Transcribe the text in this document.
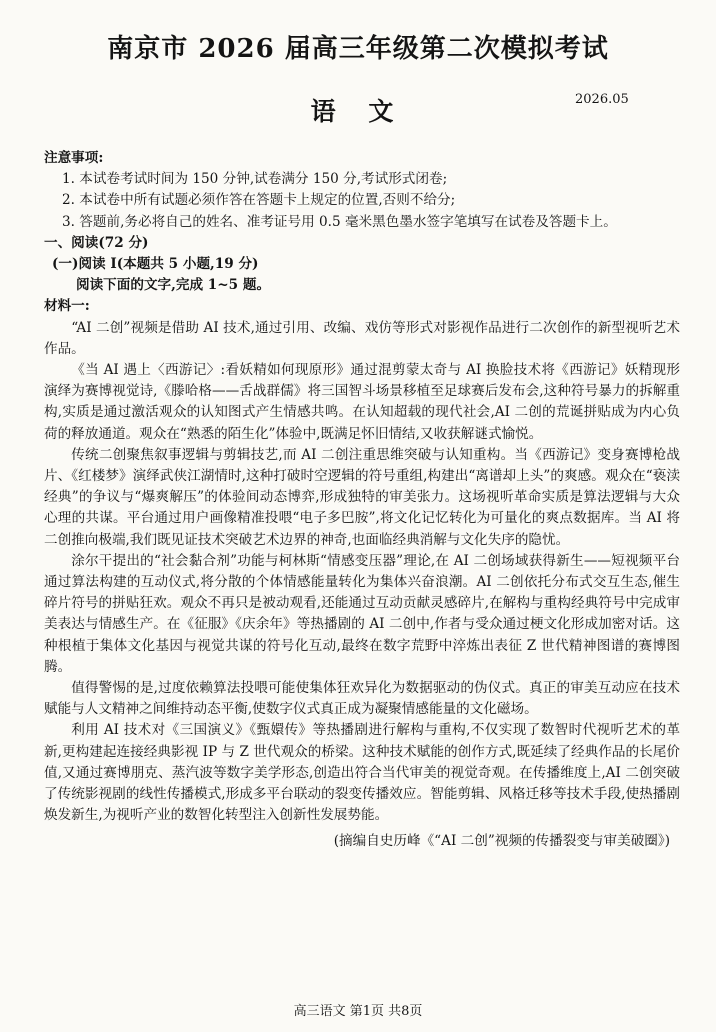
南京市 2026 届高三年级第二次模拟考试
语 文	2026.05

注意事项:

1. 本试卷考试时间为 150 分钟,试卷满分 150 分,考试形式闭卷;

2. 本试卷中所有试题必须作答在答题卡上规定的位置,否则不给分;

3. 答题前,务必将自己的姓名、准考证号用 0.5 毫米黑色墨水签字笔填写在试卷及答题卡上。

一、阅读(72 分)

(一)阅读 I(本题共 5 小题,19 分)

阅读下面的文字,完成 1~5 题。

材料一:

“AI 二创”视频是借助 AI 技术,通过引用、改编、戏仿等形式对影视作品进行二次创作的新型视听艺术作品。

《当 AI 遇上〈西游记〉:看妖精如何现原形》通过混剪蒙太奇与 AI 换脸技术将《西游记》妖精现形演绎为赛博视觉诗,《滕哈格——舌战群儒》将三国智斗场景移植至足球赛后发布会,这种符号暴力的拆解重构,实质是通过激活观众的认知图式产生情感共鸣。在认知超载的现代社会,AI 二创的荒诞拼贴成为内心负荷的释放通道。观众在“熟悉的陌生化”体验中,既满足怀旧情结,又收获解谜式愉悦。

传统二创聚焦叙事逻辑与剪辑技艺,而 AI 二创注重思维突破与认知重构。当《西游记》变身赛博枪战片、《红楼梦》演绎武侠江湖情时,这种打破时空逻辑的符号重组,构建出“离谱却上头”的爽感。观众在“亵渎经典”的争议与“爆爽解压”的体验间动态博弈,形成独特的审美张力。这场视听革命实质是算法逻辑与大众心理的共谋。平台通过用户画像精准投喂“电子多巴胺”,将文化记忆转化为可量化的爽点数据库。当 AI 将二创推向极端,我们既见证技术突破艺术边界的神奇,也面临经典消解与文化失序的隐忧。

涂尔干提出的“社会黏合剂”功能与柯林斯“情感变压器”理论,在 AI 二创场域获得新生——短视频平台通过算法构建的互动仪式,将分散的个体情感能量转化为集体兴奋浪潮。AI 二创依托分布式交互生态,催生碎片符号的拼贴狂欢。观众不再只是被动观看,还能通过互动贡献灵感碎片,在解构与重构经典符号中完成审美表达与情感生产。在《征服》《庆余年》等热播剧的 AI 二创中,作者与受众通过梗文化形成加密对话。这种根植于集体文化基因与视觉共谋的符号化互动,最终在数字荒野中淬炼出表征 Z 世代精神图谱的赛博图腾。

值得警惕的是,过度依赖算法投喂可能使集体狂欢异化为数据驱动的伪仪式。真正的审美互动应在技术赋能与人文精神之间维持动态平衡,使数字仪式真正成为凝聚情感能量的文化磁场。

利用 AI 技术对《三国演义》《甄嬛传》等热播剧进行解构与重构,不仅实现了数智时代视听艺术的革新,更构建起连接经典影视 IP 与 Z 世代观众的桥梁。这种技术赋能的创作方式,既延续了经典作品的长尾价值,又通过赛博朋克、蒸汽波等数字美学形态,创造出符合当代审美的视觉奇观。在传播维度上,AI 二创突破了传统影视剧的线性传播模式,形成多平台联动的裂变传播效应。智能剪辑、风格迁移等技术手段,使热播剧焕发新生,为视听产业的数智化转型注入创新性发展势能。

(摘编自史历峰《“AI 二创”视频的传播裂变与审美破圈》)

高三语文 第1页 共8页
